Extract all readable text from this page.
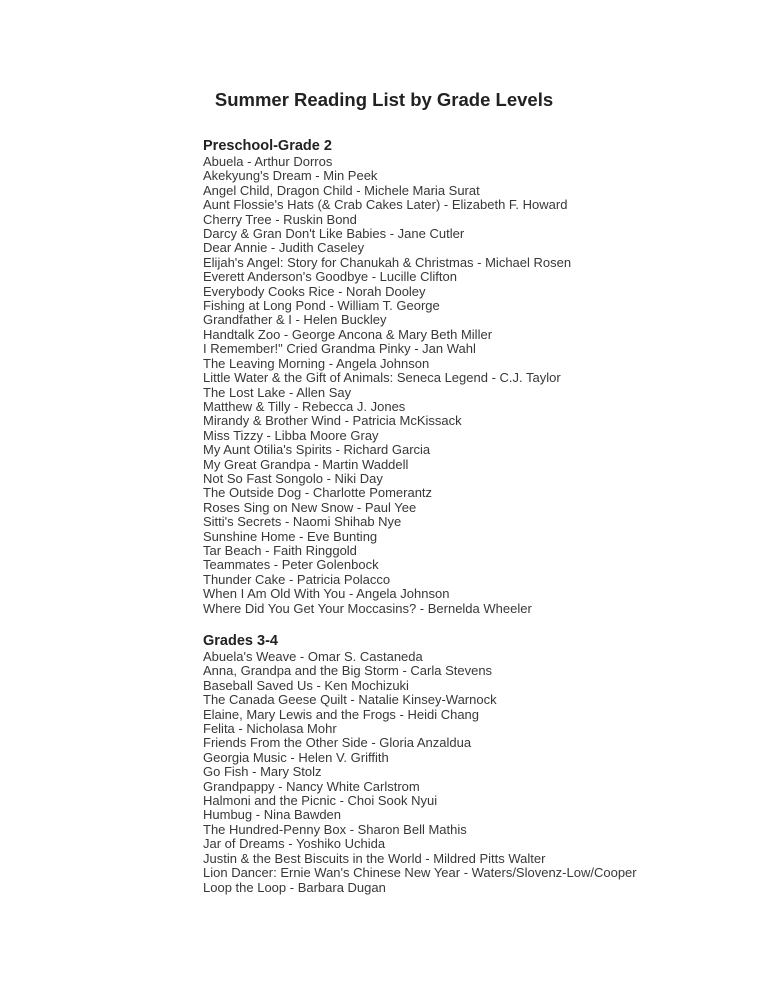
Summer Reading List by Grade Levels
Preschool-Grade 2
Abuela - Arthur Dorros
Akekyung's Dream - Min Peek
Angel Child, Dragon Child - Michele Maria Surat
Aunt Flossie's Hats (& Crab Cakes Later) - Elizabeth F. Howard
Cherry Tree - Ruskin Bond
Darcy & Gran Don't Like Babies - Jane Cutler
Dear Annie - Judith Caseley
Elijah's Angel: Story for Chanukah & Christmas - Michael Rosen
Everett Anderson's Goodbye - Lucille Clifton
Everybody Cooks Rice - Norah Dooley
Fishing at Long Pond - William T. George
Grandfather & I - Helen Buckley
Handtalk Zoo - George Ancona & Mary Beth Miller
I Remember!" Cried Grandma Pinky - Jan Wahl
The Leaving Morning - Angela Johnson
Little Water & the Gift of Animals: Seneca Legend - C.J. Taylor
The Lost Lake - Allen Say
Matthew & Tilly - Rebecca J. Jones
Mirandy & Brother Wind - Patricia McKissack
Miss Tizzy - Libba Moore Gray
My Aunt Otilia's Spirits - Richard Garcia
My Great Grandpa - Martin Waddell
Not So Fast Songolo - Niki Day
The Outside Dog - Charlotte Pomerantz
Roses Sing on New Snow - Paul Yee
Sitti's Secrets - Naomi Shihab Nye
Sunshine Home - Eve Bunting
Tar Beach - Faith Ringgold
Teammates - Peter Golenbock
Thunder Cake - Patricia Polacco
When I Am Old With You - Angela Johnson
Where Did You Get Your Moccasins? - Bernelda Wheeler
Grades 3-4
Abuela's Weave - Omar S. Castaneda
Anna, Grandpa and the Big Storm - Carla Stevens
Baseball Saved Us - Ken Mochizuki
The Canada Geese Quilt - Natalie Kinsey-Warnock
Elaine, Mary Lewis and the Frogs - Heidi Chang
Felita - Nicholasa Mohr
Friends From the Other Side - Gloria Anzaldua
Georgia Music - Helen V. Griffith
Go Fish - Mary Stolz
Grandpappy - Nancy White Carlstrom
Halmoni and the Picnic - Choi Sook Nyui
Humbug - Nina Bawden
The Hundred-Penny Box - Sharon Bell Mathis
Jar of Dreams - Yoshiko Uchida
Justin & the Best Biscuits in the World - Mildred Pitts Walter
Lion Dancer: Ernie Wan's Chinese New Year - Waters/Slovenz-Low/Cooper
Loop the Loop - Barbara Dugan
